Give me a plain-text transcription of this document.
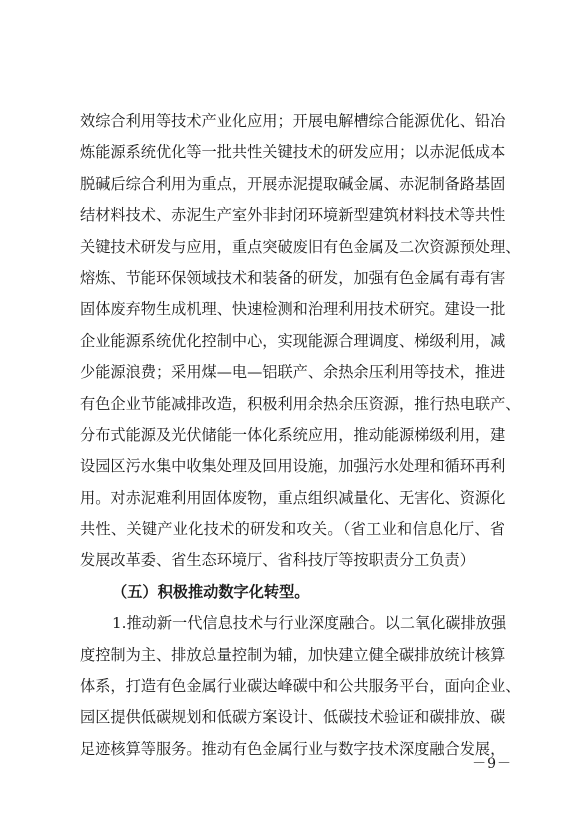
效综合利用等技术产业化应用；开展电解槽综合能源优化、铅冶
炼能源系统优化等一批共性关键技术的研发应用；以赤泥低成本
脱碱后综合利用为重点，开展赤泥提取碱金属、赤泥制备路基固
结材料技术、赤泥生产室外非封闭环境新型建筑材料技术等共性
关键技术研发与应用，重点突破废旧有色金属及二次资源预处理、
熔炼、节能环保领域技术和装备的研发，加强有色金属有毒有害
固体废弃物生成机理、快速检测和治理利用技术研究。建设一批
企业能源系统优化控制中心，实现能源合理调度、梯级利用，减
少能源浪费；采用煤—电—铝联产、余热余压利用等技术，推进
有色企业节能减排改造，积极利用余热余压资源，推行热电联产、
分布式能源及光伏储能一体化系统应用，推动能源梯级利用，建
设园区污水集中收集处理及回用设施，加强污水处理和循环再利
用。对赤泥难利用固体废物，重点组织减量化、无害化、资源化
共性、关键产业化技术的研发和攻关。（省工业和信息化厅、省
发展改革委、省生态环境厅、省科技厅等按职责分工负责）
（五）积极推动数字化转型。
1.推动新一代信息技术与行业深度融合。以二氧化碳排放强
度控制为主、排放总量控制为辅，加快建立健全碳排放统计核算
体系，打造有色金属行业碳达峰碳中和公共服务平台，面向企业、
园区提供低碳规划和低碳方案设计、低碳技术验证和碳排放、碳
足迹核算等服务。推动有色金属行业与数字技术深度融合发展，
－9－
